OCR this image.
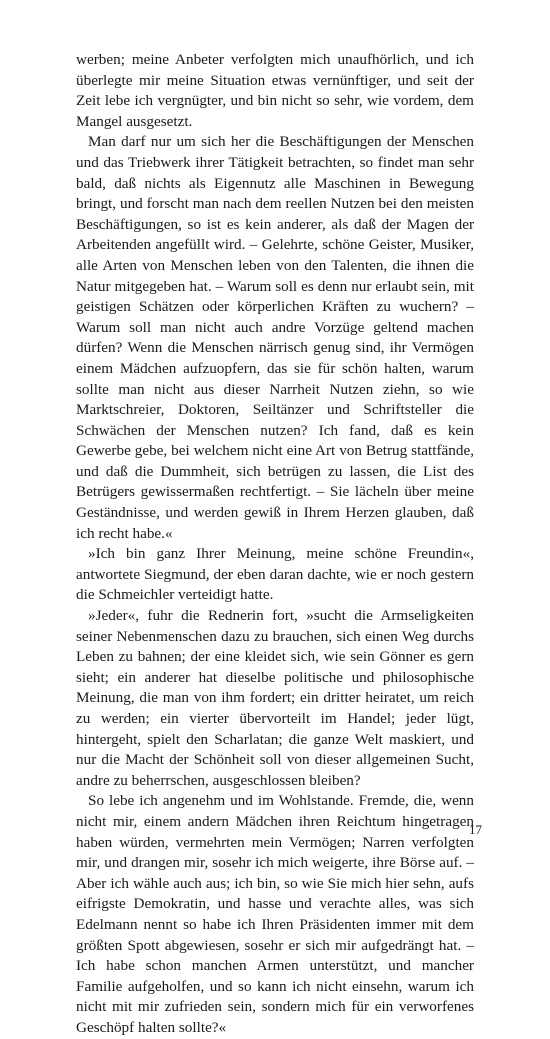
werben; meine Anbeter verfolgten mich unaufhörlich, und ich überlegte mir meine Situation etwas vernünftiger, und seit der Zeit lebe ich vergnügter, und bin nicht so sehr, wie vordem, dem Mangel ausgesetzt.

Man darf nur um sich her die Beschäftigungen der Menschen und das Triebwerk ihrer Tätigkeit betrachten, so findet man sehr bald, daß nichts als Eigennutz alle Maschinen in Bewegung bringt, und forscht man nach dem reellen Nutzen bei den meisten Beschäftigungen, so ist es kein anderer, als daß der Magen der Arbeitenden angefüllt wird. – Gelehrte, schöne Geister, Musiker, alle Arten von Menschen leben von den Talenten, die ihnen die Natur mitgegeben hat. – Warum soll es denn nur erlaubt sein, mit geistigen Schätzen oder körperlichen Kräften zu wuchern? – Warum soll man nicht auch andre Vorzüge geltend machen dürfen? Wenn die Menschen närrisch genug sind, ihr Vermögen einem Mädchen aufzuopfern, das sie für schön halten, warum sollte man nicht aus dieser Narrheit Nutzen ziehn, so wie Marktschreier, Doktoren, Seiltänzer und Schriftsteller die Schwächen der Menschen nutzen? Ich fand, daß es kein Gewerbe gebe, bei welchem nicht eine Art von Betrug stattfände, und daß die Dummheit, sich betrügen zu lassen, die List des Betrügers gewissermaßen rechtfertigt. – Sie lächeln über meine Geständnisse, und werden gewiß in Ihrem Herzen glauben, daß ich recht habe.«

»Ich bin ganz Ihrer Meinung, meine schöne Freundin«, antwortete Siegmund, der eben daran dachte, wie er noch gestern die Schmeichler verteidigt hatte.

»Jeder«, fuhr die Rednerin fort, »sucht die Armseligkeiten seiner Nebenmenschen dazu zu brauchen, sich einen Weg durchs Leben zu bahnen; der eine kleidet sich, wie sein Gönner es gern sieht; ein anderer hat dieselbe politische und philosophische Meinung, die man von ihm fordert; ein dritter heiratet, um reich zu werden; ein vierter übervorteilt im Handel; jeder lügt, hintergeht, spielt den Scharlatan; die ganze Welt maskiert, und nur die Macht der Schönheit soll von dieser allgemeinen Sucht, andre zu beherrschen, ausgeschlossen bleiben?

So lebe ich angenehm und im Wohlstande. Fremde, die, wenn nicht mir, einem andern Mädchen ihren Reichtum hingetragen haben würden, vermehrten mein Vermögen; Narren verfolgten mir, und drangen mir, sosehr ich mich weigerte, ihre Börse auf. – Aber ich wähle auch aus; ich bin, so wie Sie mich hier sehn, aufs eifrigste Demokratin, und hasse und verachte alles, was sich Edelmann nennt so habe ich Ihren Präsidenten immer mit dem größten Spott abgewiesen, sosehr er sich mir aufgedrängt hat. – Ich habe schon manchen Armen unterstützt, und mancher Familie aufgeholfen, und so kann ich nicht einsehn, warum ich nicht mit mir zufrieden sein, sondern mich für ein verworfenes Geschöpf halten sollte?«

17
